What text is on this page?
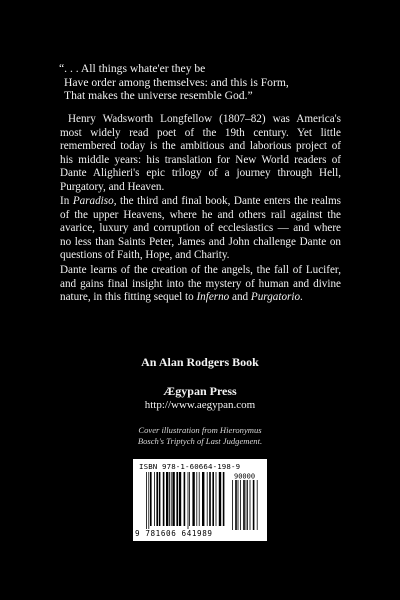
“. . . All things whate'er they be
Have order among themselves: and this is Form,
That makes the universe resemble God.”

Henry Wadsworth Longfellow (1807–82) was America's most widely read poet of the 19th century. Yet little remembered today is the ambitious and laborious project of his middle years: his translation for New World readers of Dante Alighieri's epic trilogy of a journey through Hell, Purgatory, and Heaven.

In Paradiso, the third and final book, Dante enters the realms of the upper Heavens, where he and others rail against the avarice, luxury and corruption of ecclesiastics — and where no less than Saints Peter, James and John challenge Dante on questions of Faith, Hope, and Charity.

Dante learns of the creation of the angels, the fall of Lucifer, and gains final insight into the mystery of human and divine nature, in this fitting sequel to Inferno and Purgatorio.

An Alan Rodgers Book
Ægypan Press
http://www.aegypan.com
Cover illustration from Hieronymus
Bosch's Triptych of Last Judgement.
ISBN 978-1-60664-198-9
90000
9 781606 641989
